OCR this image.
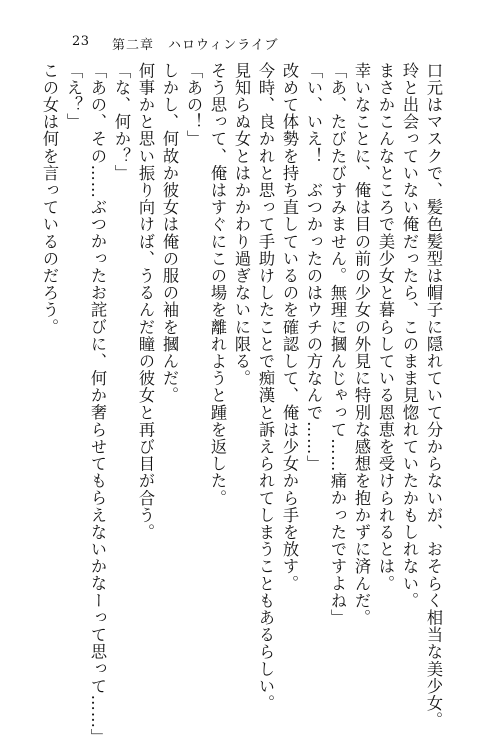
23 第二章　ハロウィンライブ

口元はマスクで、髪色髪型は帽子に隠れていて分からないが、おそらく相当な美少女。

玲と出会っていない俺だったら、このまま見惚れていたかもしれない。

まさかこんなところで美少女と暮らしている恩恵を受けられるとは。

幸いなことに、俺は目の前の少女の外見に特別な感想を抱かずに済んだ。

「あ、たびたびすみません。無理に摑んじゃって……痛かったですよね」

「い、いえ！　ぶつかったのはウチの方なんで……」

改めて体勢を持ち直しているのを確認して、俺は少女から手を放す。

今時、良かれと思って手助けしたことで痴漢と訴えられてしまうこともあるらしい。

見知らぬ女とはかかわり過ぎないに限る。

そう思って、俺はすぐにこの場を離れようと踵を返した。

「あの！」

しかし、何故か彼女は俺の服の袖を摑んだ。

何事かと思い振り向けば、うるんだ瞳の彼女と再び目が合う。

「な、何か？」

「あの、その……ぶつかったお詫びに、何か奢らせてもらえないかなーって思って……」

「え？」

この女は何を言っているのだろう。
